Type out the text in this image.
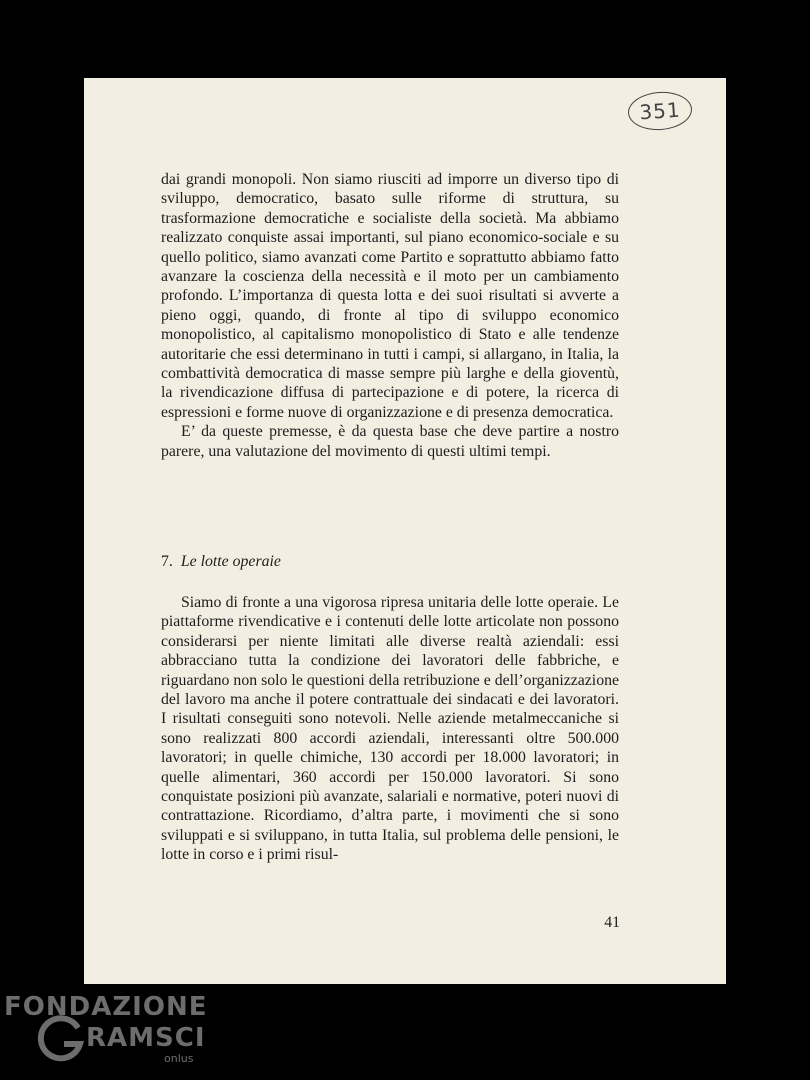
351

dai grandi monopoli. Non siamo riusciti ad imporre un diverso tipo di sviluppo, democratico, basato sulle riforme di struttura, su trasformazione democratiche e socialiste della società. Ma abbiamo realizzato conquiste assai importanti, sul piano economico-sociale e su quello politico, siamo avanzati come Partito e soprattutto abbiamo fatto avanzare la coscienza della necessità e il moto per un cambiamento profondo. L’importanza di questa lotta e dei suoi risultati si avverte a pieno oggi, quando, di fronte al tipo di sviluppo economico monopolistico, al capitalismo monopolistico di Stato e alle tendenze autoritarie che essi determinano in tutti i campi, si allargano, in Italia, la combattività democratica di masse sempre più larghe e della gioventù, la rivendicazione diffusa di partecipazione e di potere, la ricerca di espressioni e forme nuove di organizzazione e di presenza democratica.

E’ da queste premesse, è da questa base che deve partire a nostro parere, una valutazione del movimento di questi ultimi tempi.

7. Le lotte operaie

Siamo di fronte a una vigorosa ripresa unitaria delle lotte operaie. Le piattaforme rivendicative e i contenuti delle lotte articolate non possono considerarsi per niente limitati alle diverse realtà aziendali: essi abbracciano tutta la condizione dei lavoratori delle fabbriche, e riguardano non solo le questioni della retribuzione e dell’organizzazione del lavoro ma anche il potere contrattuale dei sindacati e dei lavoratori. I risultati conseguiti sono notevoli. Nelle aziende metalmeccaniche si sono realizzati 800 accordi aziendali, interessanti oltre 500.000 lavoratori; in quelle chimiche, 130 accordi per 18.000 lavoratori; in quelle alimentari, 360 accordi per 150.000 lavoratori. Si sono conquistate posizioni più avanzate, salariali e normative, poteri nuovi di contrattazione. Ricordiamo, d’altra parte, i movimenti che si sono sviluppati e si sviluppano, in tutta Italia, sul problema delle pensioni, le lotte in corso e i primi risul-

41
FONDAZIONE
RAMSCI
onlus
